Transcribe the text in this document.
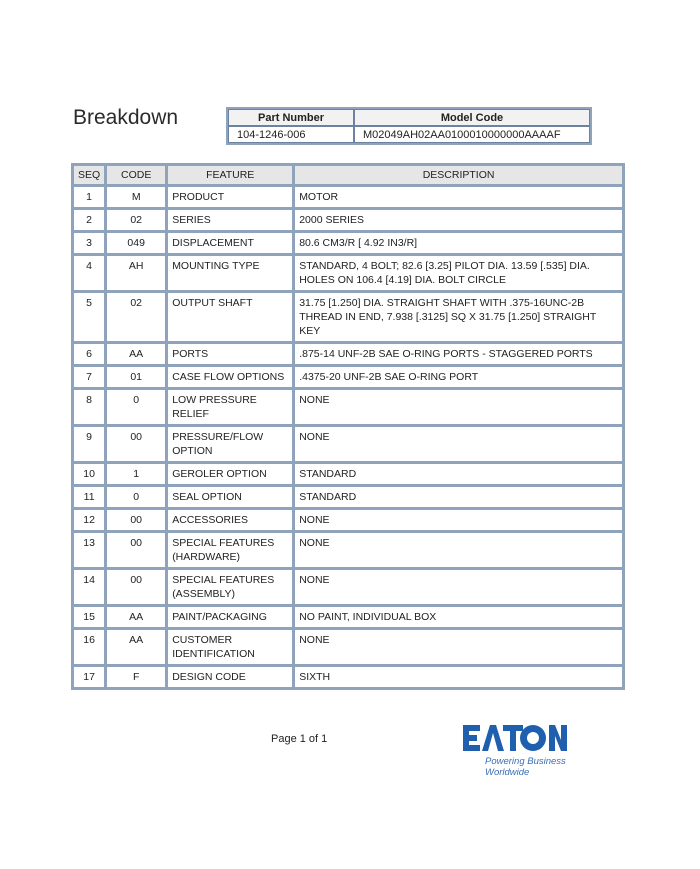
Breakdown	Part Number	Model Code
104-1246-006	M02049AH02AA0100010000000AAAAF
SEQ	CODE	FEATURE	DESCRIPTION
1	M	PRODUCT	MOTOR
2	02	SERIES	2000 SERIES
3	049	DISPLACEMENT	80.6 CM3/R [ 4.92 IN3/R]
4	AH	MOUNTING TYPE	STANDARD, 4 BOLT; 82.6 [3.25] PILOT DIA. 13.59 [.535] DIA. HOLES ON 106.4 [4.19] DIA. BOLT CIRCLE
5	02	OUTPUT SHAFT	31.75 [1.250] DIA. STRAIGHT SHAFT WITH .375-16UNC-2B THREAD IN END, 7.938 [.3125] SQ X 31.75 [1.250] STRAIGHT KEY
6	AA	PORTS	.875-14 UNF-2B SAE O-RING PORTS - STAGGERED PORTS
7	01	CASE FLOW OPTIONS	.4375-20 UNF-2B SAE O-RING PORT
8	0	LOW PRESSURE RELIEF	NONE
9	00	PRESSURE/FLOW OPTION	NONE
10	1	GEROLER OPTION	STANDARD
11	0	SEAL OPTION	STANDARD
12	00	ACCESSORIES	NONE
13	00	SPECIAL FEATURES (HARDWARE)	NONE
14	00	SPECIAL FEATURES (ASSEMBLY)	NONE
15	AA	PAINT/PACKAGING	NO PAINT, INDIVIDUAL BOX
16	AA	CUSTOMER IDENTIFICATION	NONE
17	F	DESIGN CODE	SIXTH
Page 1 of 1
Powering Business Worldwide
